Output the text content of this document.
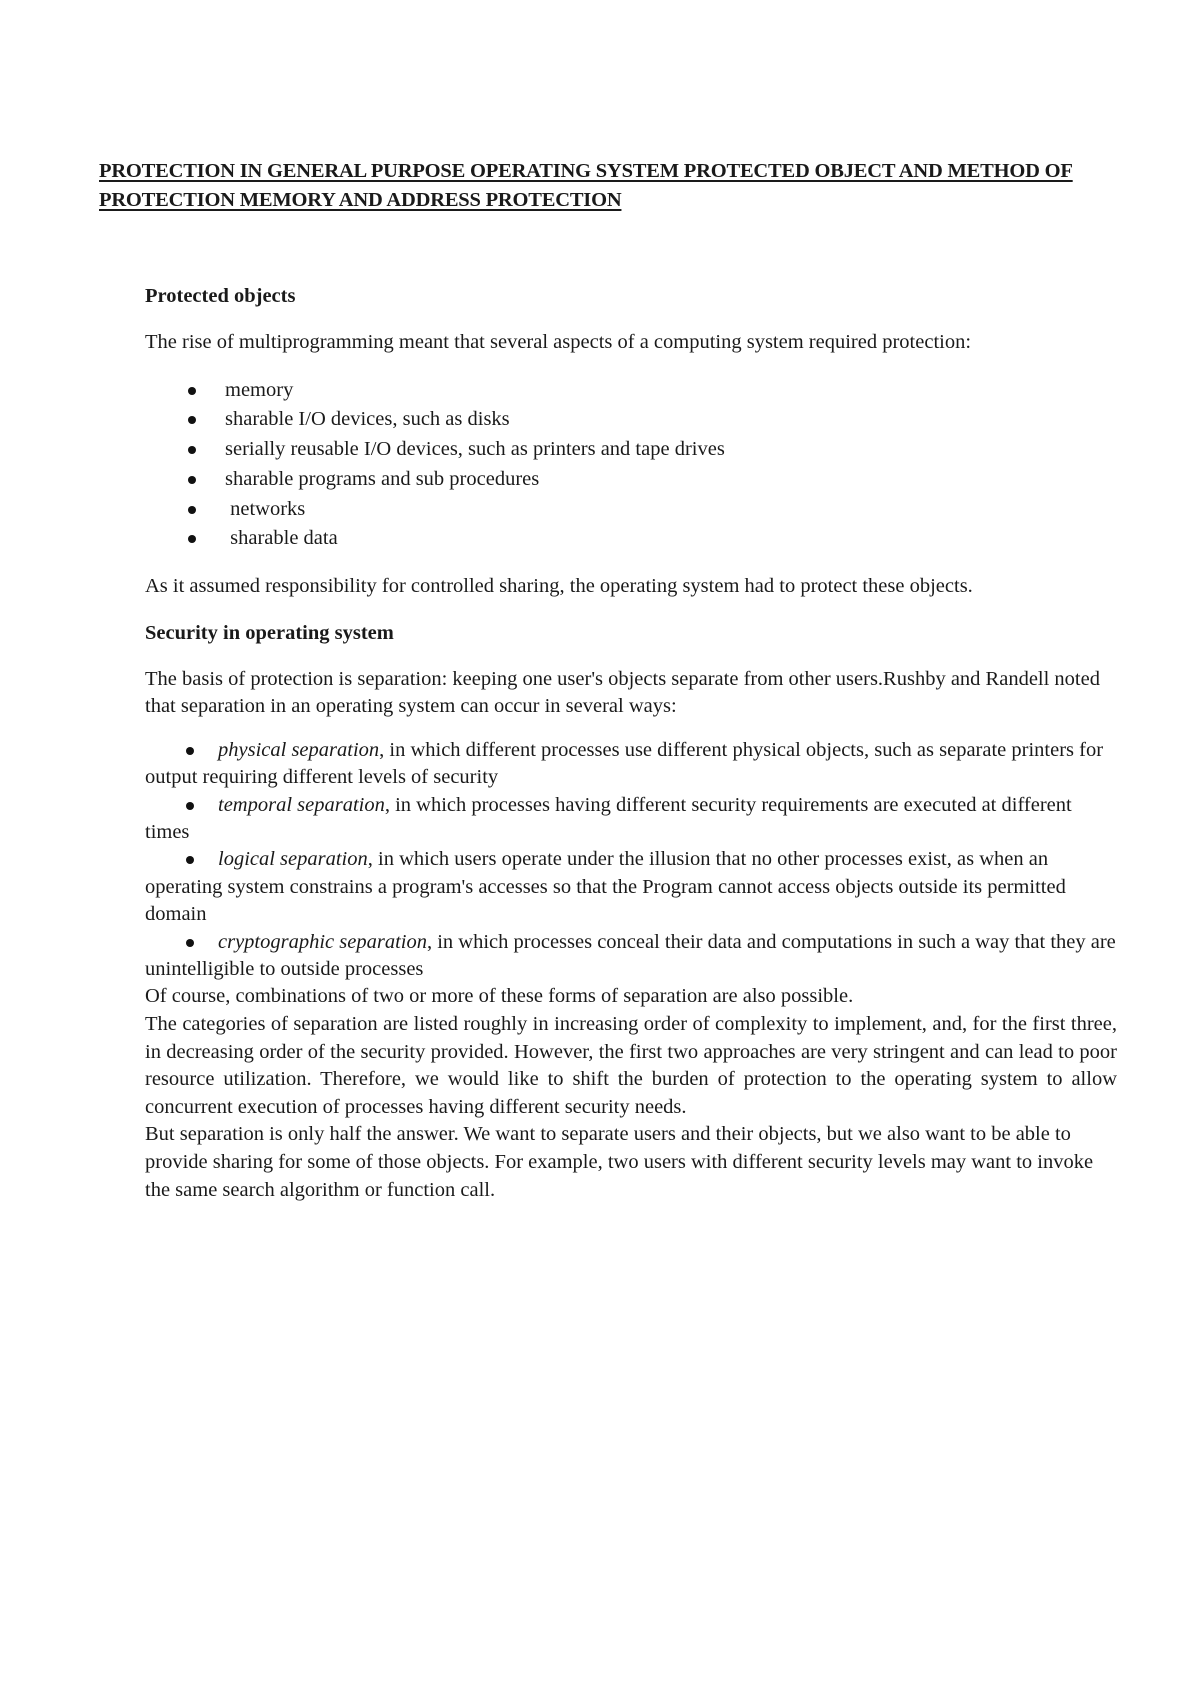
PROTECTION IN GENERAL PURPOSE OPERATING SYSTEM PROTECTED OBJECT AND METHOD OF PROTECTION MEMORY AND ADDRESS PROTECTION
Protected objects

The rise of multiprogramming meant that several aspects of a computing system required protection:

memory
sharable I/O devices, such as disks
serially reusable I/O devices, such as printers and tape drives
sharable programs and sub procedures
networks
sharable data

As it assumed responsibility for controlled sharing, the operating system had to protect these objects.

Security in operating system

The basis of protection is separation: keeping one user's objects separate from other users.Rushby and Randell noted that separation in an operating system can occur in several ways:

physical separation, in which different processes use different physical objects, such as separate printers for output requiring different levels of security
temporal separation, in which processes having different security requirements are executed at different times
logical separation, in which users operate under the illusion that no other processes exist, as when an operating system constrains a program's accesses so that the Program cannot access objects outside its permitted domain
cryptographic separation, in which processes conceal their data and computations in such a way that they are unintelligible to outside processes

Of course, combinations of two or more of these forms of separation are also possible.

The categories of separation are listed roughly in increasing order of complexity to implement, and, for the first three, in decreasing order of the security provided. However, the first two approaches are very stringent and can lead to poor resource utilization. Therefore, we would like to shift the burden of protection to the operating system to allow concurrent execution of processes having different security needs.

But separation is only half the answer. We want to separate users and their objects, but we also want to be able to provide sharing for some of those objects. For example, two users with different security levels may want to invoke the same search algorithm or function call.
